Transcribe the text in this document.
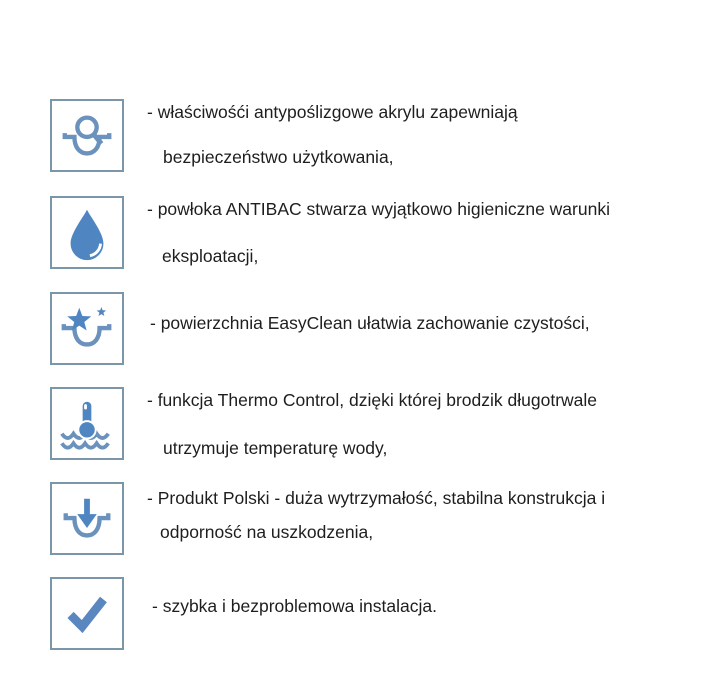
- właściwośći antypoślizgowe akrylu zapewniają
bezpieczeństwo użytkowania,
- powłoka ANTIBAC stwarza wyjątkowo higieniczne warunki
eksploatacji,
- powierzchnia EasyClean ułatwia zachowanie czystości,
- funkcja Thermo Control, dzięki której brodzik długotrwale
utrzymuje temperaturę wody,
- Produkt Polski - duża wytrzymałość, stabilna konstrukcja i
odporność na uszkodzenia,
- szybka i bezproblemowa instalacja.
